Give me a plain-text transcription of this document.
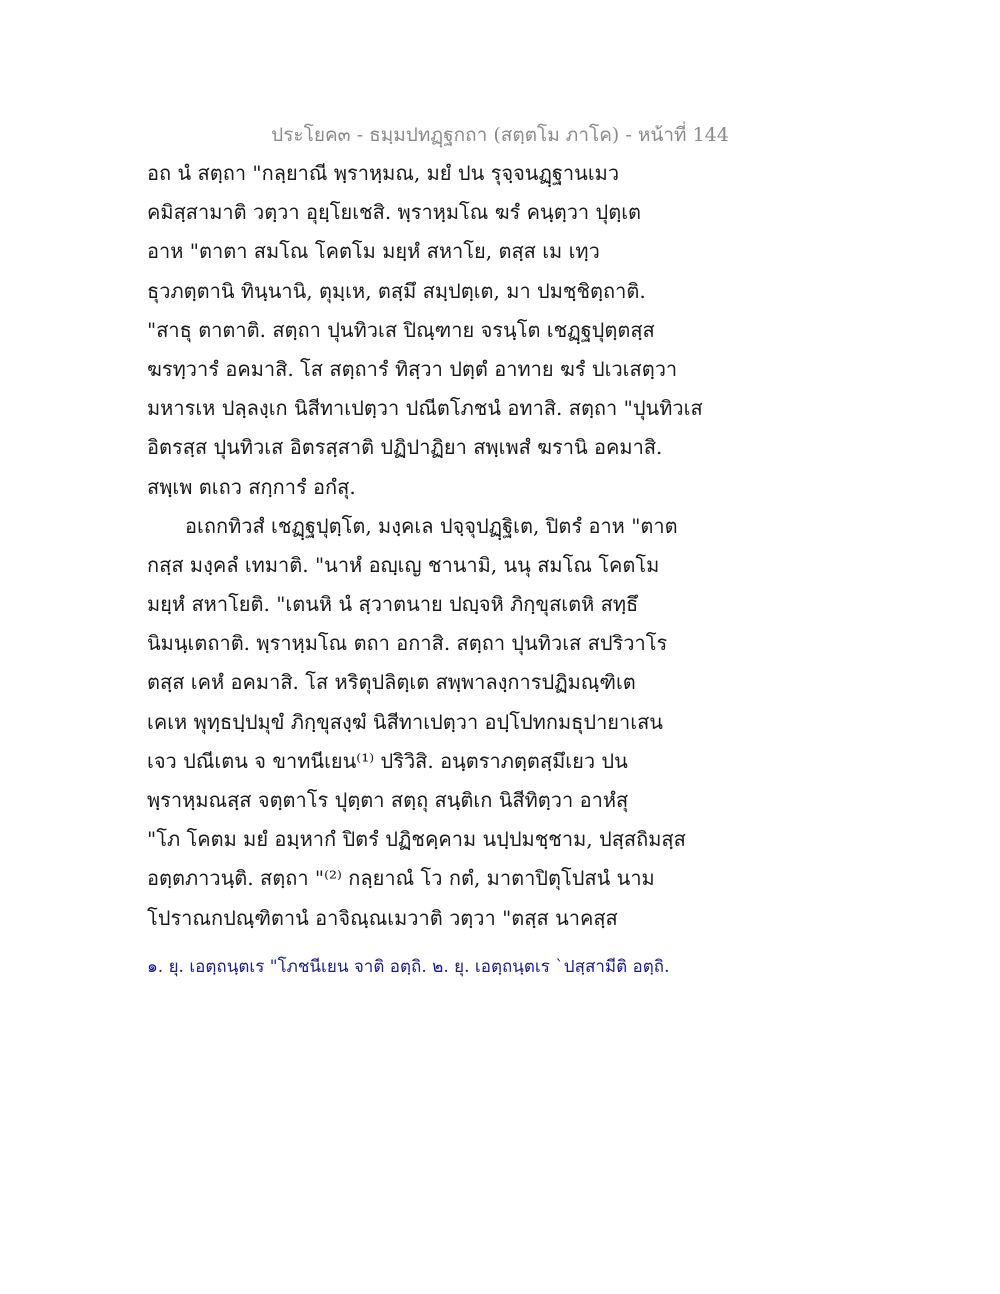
ประโยค๓ - ธมฺมปทฏฺฐกถา (สตฺตโม ภาโค) - หน้าที่ 144
อถ นํ สตฺถา "กลฺยาณี พฺราหฺมณ, มยํ ปน รุจฺจนฏฺฐานเมว
คมิสฺสามาติ วตฺวา อุยฺโยเชสิ. พฺราหฺมโณ ฆรํ คนฺตฺวา ปุตฺเต
อาห "ตาตา สมโณ โคตโม มยฺหํ สหาโย, ตสฺส เม เทฺว
ธุวภตฺตานิ ทินฺนานิ, ตุมฺเห, ตสฺมึ สมฺปตฺเต, มา ปมชฺชิตฺถาติ.
"สาธุ ตาตาติ. สตฺถา ปุนทิวเส ปิณฺฑาย จรนฺโต เชฏฺฐปุตฺตสฺส
ฆรทฺวารํ อคมาสิ. โส สตฺถารํ ทิสฺวา ปตฺตํ อาทาย ฆรํ ปเวเสตฺวา
มหารเห ปลฺลงฺเก นิสีทาเปตฺวา ปณีตโภชนํ อทาสิ. สตฺถา "ปุนทิวเส
อิตรสฺส ปุนทิวเส อิตรสฺสาติ ปฏิปาฏิยา สพฺเพสํ ฆรานิ อคมาสิ.
สพฺเพ ตเถว สกฺการํ อกํสุ.
อเถกทิวสํ เชฏฺฐปุตฺโต, มงฺคเล ปจฺจุปฏฺฐิเต, ปิตรํ อาห "ตาต
กสฺส มงฺคลํ เทมาติ. "นาหํ อญฺเญ ชานามิ, นนุ สมโณ โคตโม
มยฺหํ สหาโยติ. "เตนหิ นํ สฺวาตนาย ปญฺจหิ ภิกฺขุสเตหิ สทฺธึ
นิมนฺเตถาติ. พฺราหฺมโณ ตถา อกาสิ. สตฺถา ปุนทิวเส สปริวาโร
ตสฺส เคหํ อคมาสิ. โส หริตุปลิตฺเต สพฺพาลงฺการปฏิมณฺฑิเต
เคเห พุทฺธปฺปมุขํ ภิกฺขุสงฺฆํ นิสีทาเปตฺวา อปฺโปทกมธุปายาเสน
เจว ปณีเตน จ ขาทนีเยน⁽¹⁾ ปริวิสิ. อนฺตราภตฺตสฺมึเยว ปน
พฺราหฺมณสฺส จตฺตาโร ปุตฺตา สตฺถุ สนฺติเก นิสีทิตฺวา อาหํสุ
"โภ โคตม มยํ อมฺหากํ ปิตรํ ปฏิชคฺคาม นปฺปมชฺชาม, ปสฺสถิมสฺส
อตฺตภาวนฺติ. สตฺถา "⁽²⁾ กลฺยาณํ โว กตํ, มาตาปิตุโปสนํ นาม
โปราณกปณฺฑิตานํ อาจิณฺณเมวาติ วตฺวา "ตสฺส นาคสฺส
๑. ยุ. เอตฺถนฺตเร "โภชนีเยน จาติ อตฺถิ. ๒. ยุ. เอตฺถนฺตเร `ปสฺสามีติ อตฺถิ.
